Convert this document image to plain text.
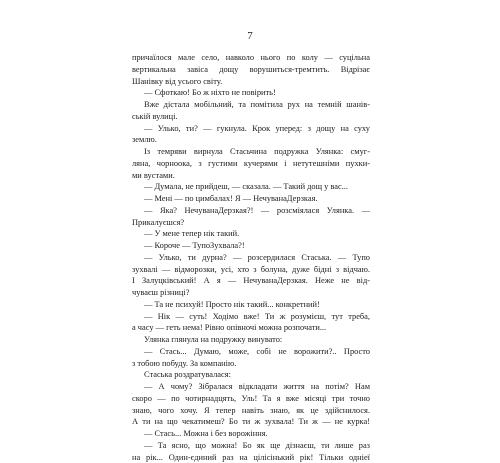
7
причаїлося мале село, навколо нього по колу — суцільна
вертикальна завіса дощу ворушиться-тремтить. Відрізає
Шанівку від усього світу.
— Сфоткаю! Бо ж ніхто не повірить!
Вже дістала мобільний, та помітила рух на темній шанів-
ській вулиці.
— Улько, ти? — гукнула. Крок уперед: з дощу на суху
землю.
Із темряви вирнула Стасьчина подружка Улянка: смуг-
ляна, чорноока, з густими кучерями і нетутешніми пухки-
ми вустами.
— Думала, не прийдеш, — сказала. — Такий дощ у вас...
— Мені — по цимбалах! Я — НечуванаДерзкая.
— Яка? НечуванаДерзкая?! — розсміялася Улянка. —
Прикалуєшся?
— У мене тепер нік такий.
— Короче — ТупоЗухвала?!
— Улько, ти дурна? — розсердилася Стаська. — Тупо
зухвалі — відморозки, усі, хто з болуна, дуже бідні з відчаю.
І Залуцківський! А я — НечуванаДерзкая. Неже не від-
чуваєш різниці?
— Та не психуй! Просто нік такий... конкретний!
— Нік — суть! Ходімо вже! Ти ж розумієш, тут треба,
а часу — геть нема! Рівно опівночі можна розпочати...
Улянка глянула на подружку винувато:
— Стась... Думаю, може, собі не ворожити?.. Просто
з тобою побуду. За компанію.
Стаська роздратувалася:
— А чому? Зібралася відкладати життя на потім? Нам
скоро — по чотирнадцять, Уль! Та я вже місяці три точно
знаю, чого хочу. Я тепер навіть знаю, як це здійснилося.
А ти на що чекатимеш? Бо ти ж зухвала! Ти ж — не курка!
— Стась... Можна і без ворожіння.
— Та ясно, що можна! Бо як ще дізнаєш, ти лише раз
на рік... Один-єдиний раз на цілісінький рік! Тільки одніеї
